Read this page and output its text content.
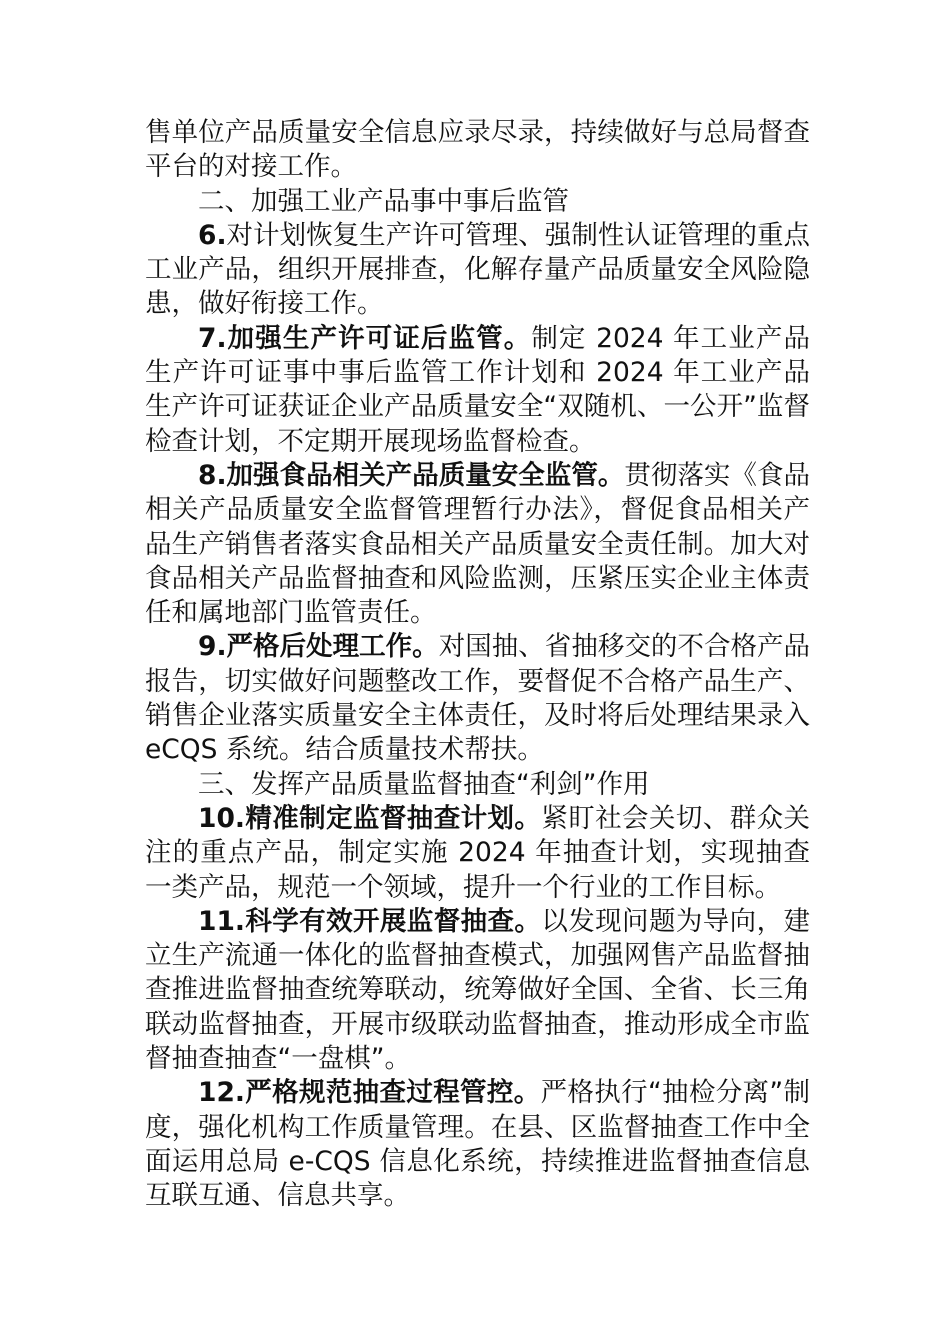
售单位产品质量安全信息应录尽录，持续做好与总局督查平台的对接工作。

二、加强工业产品事中事后监管

6.对计划恢复生产许可管理、强制性认证管理的重点工业产品，组织开展排查，化解存量产品质量安全风险隐患，做好衔接工作。

7.加强生产许可证后监管。制定 2024 年工业产品生产许可证事中事后监管工作计划和 2024 年工业产品生产许可证获证企业产品质量安全“双随机、一公开”监督检查计划，不定期开展现场监督检查。

8.加强食品相关产品质量安全监管。贯彻落实《食品相关产品质量安全监督管理暂行办法》，督促食品相关产品生产销售者落实食品相关产品质量安全责任制。加大对食品相关产品监督抽查和风险监测，压紧压实企业主体责任和属地部门监管责任。

9.严格后处理工作。对国抽、省抽移交的不合格产品报告，切实做好问题整改工作，要督促不合格产品生产、销售企业落实质量安全主体责任，及时将后处理结果录入eCQS 系统。结合质量技术帮扶。

三、发挥产品质量监督抽查“利剑”作用

10.精准制定监督抽查计划。紧盯社会关切、群众关注的重点产品，制定实施 2024 年抽查计划，实现抽查一类产品，规范一个领域，提升一个行业的工作目标。

11.科学有效开展监督抽查。以发现问题为导向，建立生产流通一体化的监督抽查模式，加强网售产品监督抽查推进监督抽查统筹联动，统筹做好全国、全省、长三角联动监督抽查，开展市级联动监督抽查，推动形成全市监督抽查抽查“一盘棋”。

12.严格规范抽查过程管控。严格执行“抽检分离”制度，强化机构工作质量管理。在县、区监督抽查工作中全面运用总局 e-CQS 信息化系统，持续推进监督抽查信息互联互通、信息共享。
